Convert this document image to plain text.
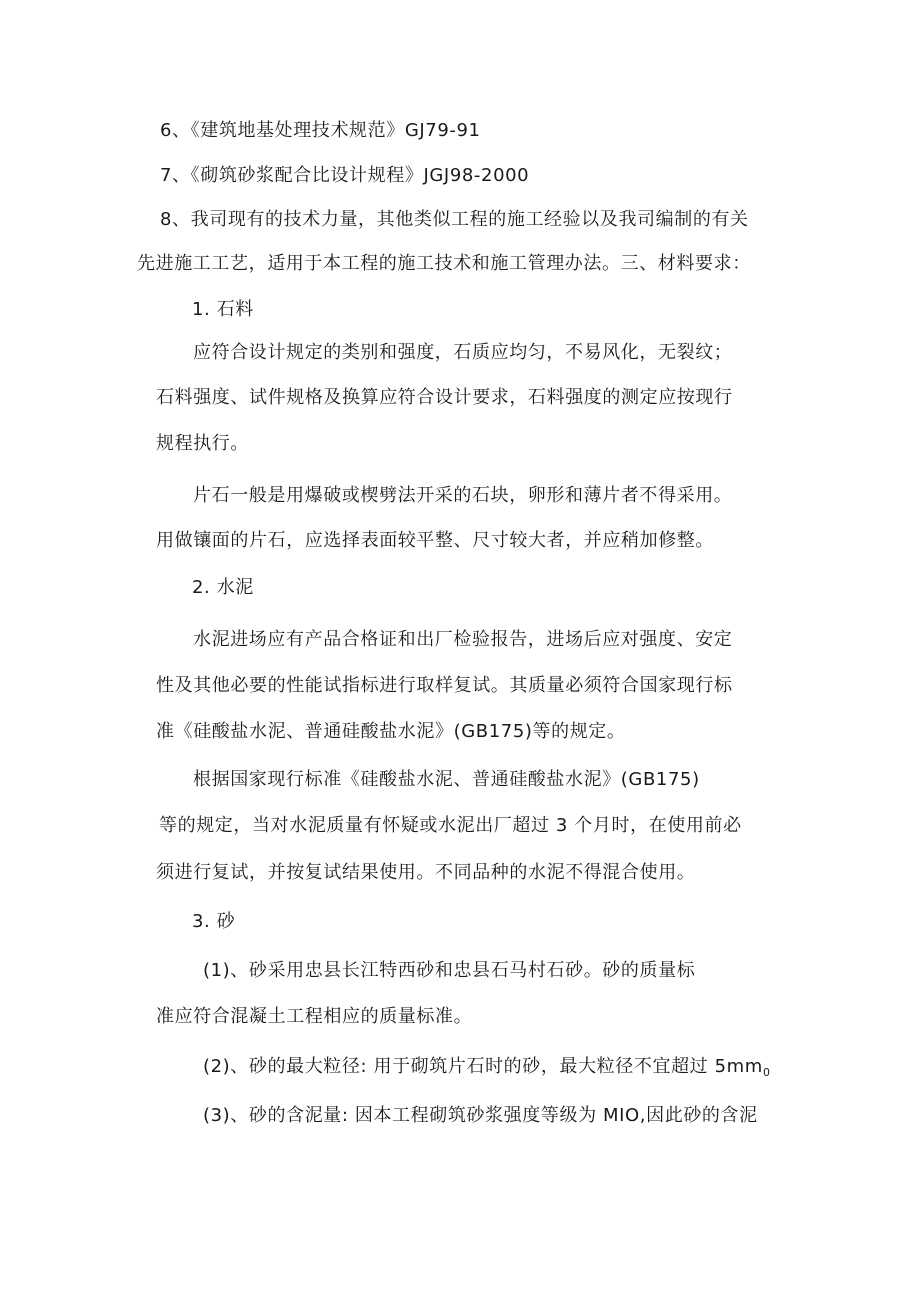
6、《建筑地基处理技术规范》GJ79-91
7、《砌筑砂浆配合比设计规程》JGJ98-2000
8、我司现有的技术力量，其他类似工程的施工经验以及我司编制的有关
先进施工工艺，适用于本工程的施工技术和施工管理办法。三、材料要求：
1. 石料
应符合设计规定的类别和强度，石质应均匀，不易风化，无裂纹；
石料强度、试件规格及换算应符合设计要求，石料强度的测定应按现行
规程执行。
片石一般是用爆破或楔劈法开采的石块，卵形和薄片者不得采用。
用做镶面的片石，应选择表面较平整、尺寸较大者，并应稍加修整。
2. 水泥
水泥进场应有产品合格证和出厂检验报告，进场后应对强度、安定
性及其他必要的性能试指标进行取样复试。其质量必须符合国家现行标
准《硅酸盐水泥、普通硅酸盐水泥》(GB175)等的规定。
根据国家现行标准《硅酸盐水泥、普通硅酸盐水泥》(GB175)
等的规定，当对水泥质量有怀疑或水泥出厂超过 3 个月时，在使用前必
须进行复试，并按复试结果使用。不同品种的水泥不得混合使用。
3. 砂
(1)、砂采用忠县长江特西砂和忠县石马村石砂。砂的质量标
准应符合混凝土工程相应的质量标准。
(2)、砂的最大粒径: 用于砌筑片石时的砂，最大粒径不宜超过 $5mm_0$
(3)、砂的含泥量: 因本工程砌筑砂浆强度等级为 MIO,因此砂的含泥
